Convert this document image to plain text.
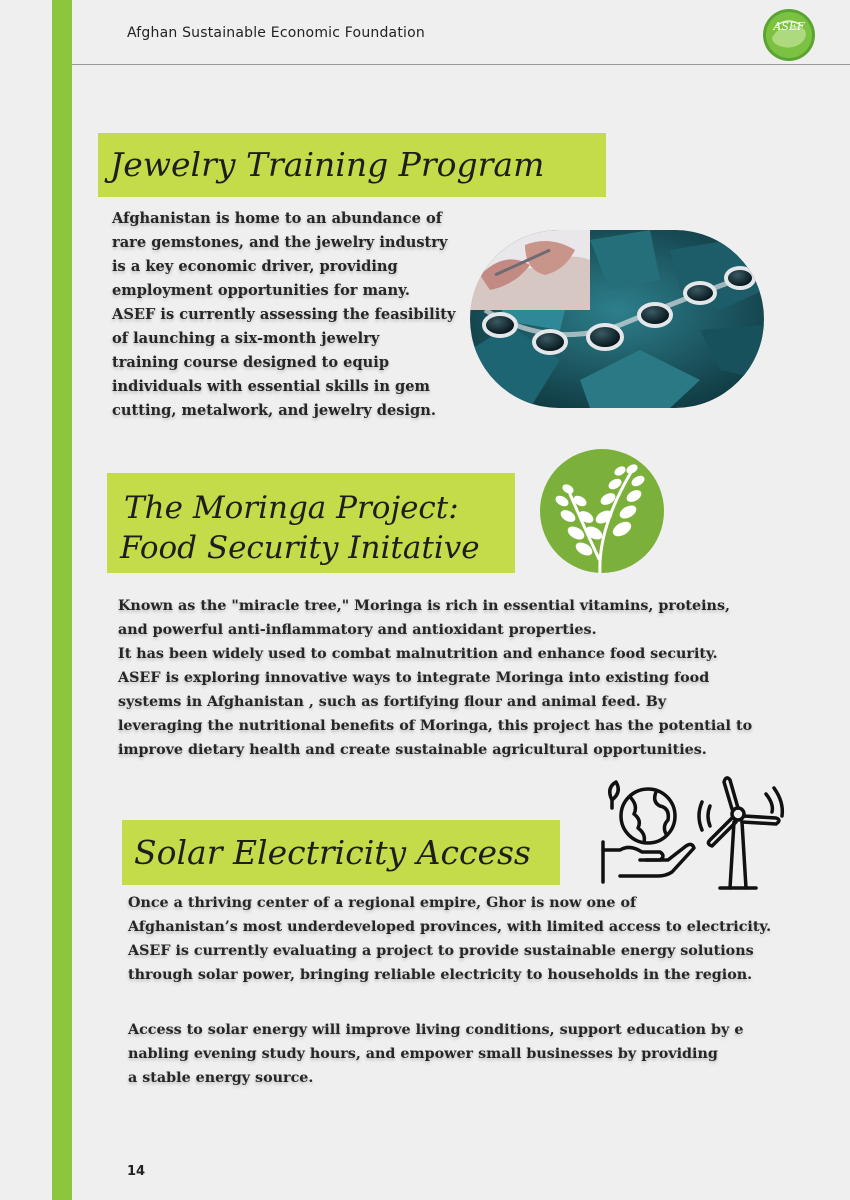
Afghan Sustainable Economic Foundation	ASEF
Jewelry Training Program
Afghanistan is home to an abundance of
rare gemstones, and the jewelry industry
is a key economic driver, providing
employment opportunities for many.
ASEF is currently assessing the feasibility
of launching a six-month jewelry
training course designed to equip
individuals with essential skills in gem
cutting, metalwork, and jewelry design.
The Moringa Project:
Food Security Initative
Known as the "miracle tree," Moringa is rich in essential vitamins, proteins,
and powerful anti-inflammatory and antioxidant properties.
It has been widely used to combat malnutrition and enhance food security.
ASEF is exploring innovative ways to integrate Moringa into existing food
systems in Afghanistan , such as fortifying flour and animal feed. By
leveraging the nutritional benefits of Moringa, this project has the potential to
improve dietary health and create sustainable agricultural opportunities.
Solar Electricity Access
Once a thriving center of a regional empire, Ghor is now one of
Afghanistan’s most underdeveloped provinces, with limited access to electricity.
ASEF is currently evaluating a project to provide sustainable energy solutions
through solar power, bringing reliable electricity to households in the region.
Access to solar energy will improve living conditions, support education by e
nabling evening study hours, and empower small businesses by providing
a stable energy source.
14
